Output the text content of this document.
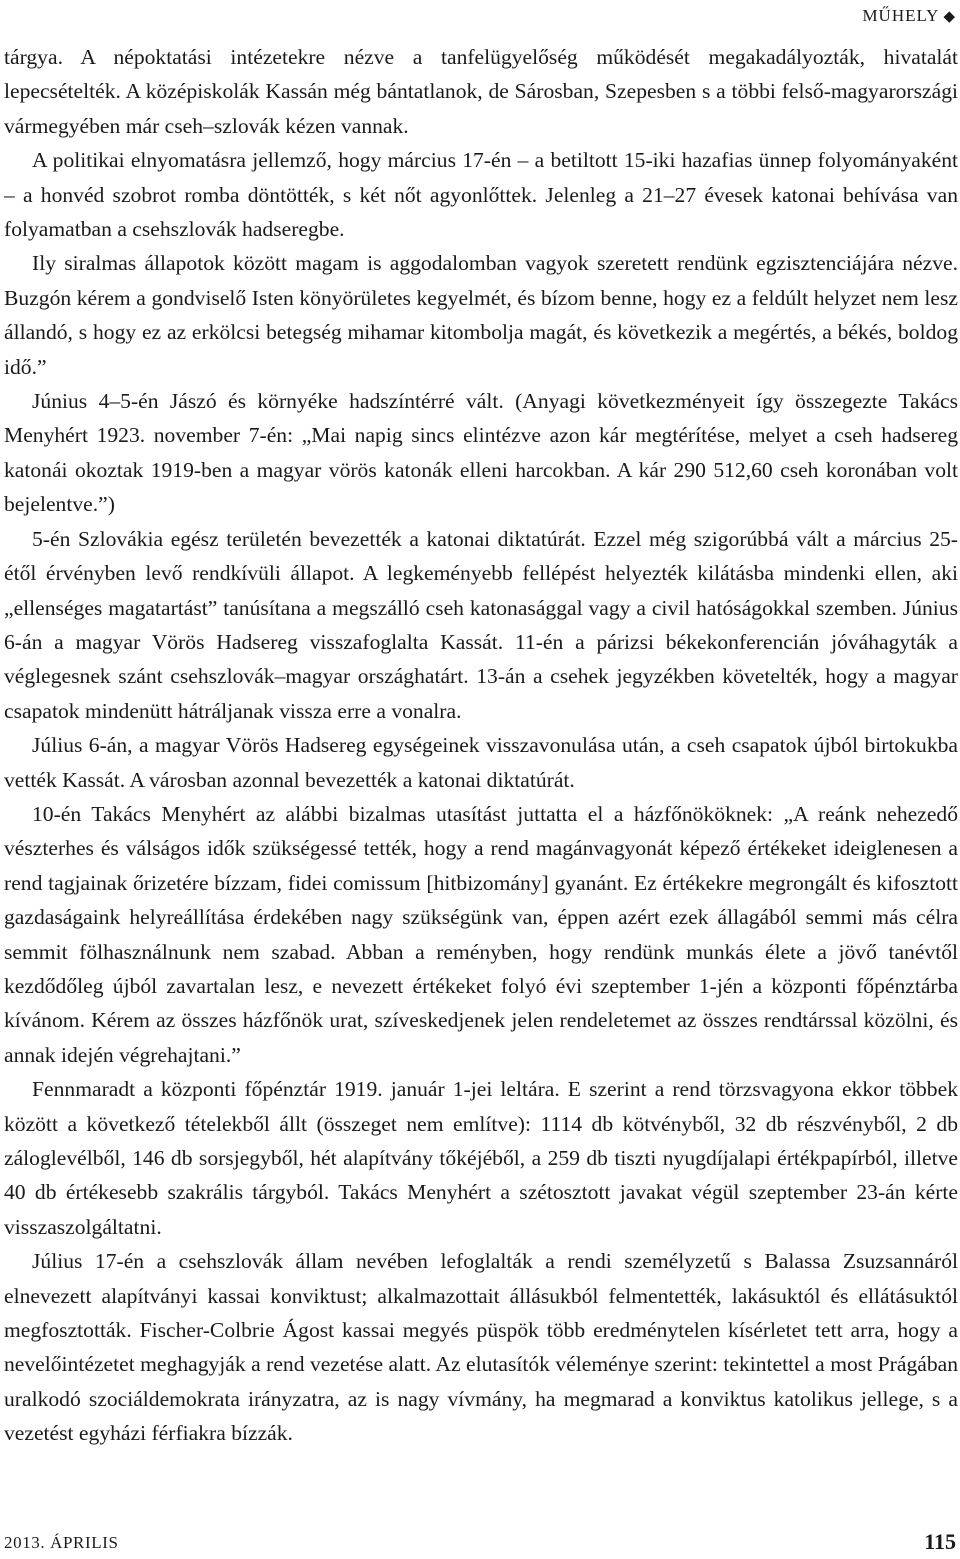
MŰHELY ◆

tárgya. A népoktatási intézetekre nézve a tanfelügyelőség működését megakadályozták, hivatalát lepecsételték. A középiskolák Kassán még bántatlanok, de Sárosban, Szepesben s a többi felső-magyarországi vármegyében már cseh–szlovák kézen vannak.

A politikai elnyomatásra jellemző, hogy március 17-én – a betiltott 15-iki hazafias ünnep folyományaként – a honvéd szobrot romba döntötték, s két nőt agyonlőttek. Jelenleg a 21–27 évesek katonai behívása van folyamatban a csehszlovák hadseregbe.

Ily siralmas állapotok között magam is aggodalomban vagyok szeretett rendünk egzisztenciájára nézve. Buzgón kérem a gondviselő Isten könyörületes kegyelmét, és bízom benne, hogy ez a feldúlt helyzet nem lesz állandó, s hogy ez az erkölcsi betegség mihamar kitombolja magát, és következik a megértés, a békés, boldog idő.”

Június 4–5-én Jászó és környéke hadszíntérré vált. (Anyagi következményeit így összegezte Takács Menyhért 1923. november 7-én: „Mai napig sincs elintézve azon kár megtérítése, melyet a cseh hadsereg katonái okoztak 1919-ben a magyar vörös katonák elleni harcokban. A kár 290 512,60 cseh koronában volt bejelentve.”)

5-én Szlovákia egész területén bevezették a katonai diktatúrát. Ezzel még szigorúbbá vált a március 25-étől érvényben levő rendkívüli állapot. A legkeményebb fellépést helyezték kilátásba mindenki ellen, aki „ellenséges magatartást” tanúsítana a megszálló cseh katonasággal vagy a civil hatóságokkal szemben. Június 6-án a magyar Vörös Hadsereg visszafoglalta Kassát. 11-én a párizsi békekonferencián jóváhagyták a véglegesnek szánt csehszlovák–magyar országhatárt. 13-án a csehek jegyzékben követelték, hogy a magyar csapatok mindenütt hátráljanak vissza erre a vonalra.

Július 6-án, a magyar Vörös Hadsereg egységeinek visszavonulása után, a cseh csapatok újból birtokukba vették Kassát. A városban azonnal bevezették a katonai diktatúrát.

10-én Takács Menyhért az alábbi bizalmas utasítást juttatta el a házfőnököknek: „A reánk nehezedő vészterhes és válságos idők szükségessé tették, hogy a rend magánvagyonát képező értékeket ideiglenesen a rend tagjainak őrizetére bízzam, fidei comissum [hitbizomány] gyanánt. Ez értékekre megrongált és kifosztott gazdaságaink helyreállítása érdekében nagy szükségünk van, éppen azért ezek állagából semmi más célra semmit fölhasználnunk nem szabad. Abban a reményben, hogy rendünk munkás élete a jövő tanévtől kezdődőleg újból zavartalan lesz, e nevezett értékeket folyó évi szeptember 1-jén a központi főpénztárba kívánom. Kérem az összes házfőnök urat, szíveskedjenek jelen rendeletemet az összes rendtárssal közölni, és annak idején végrehajtani.”

Fennmaradt a központi főpénztár 1919. január 1-jei leltára. E szerint a rend törzsvagyona ekkor többek között a következő tételekből állt (összeget nem említve): 1114 db kötvényből, 32 db részvényből, 2 db záloglevélből, 146 db sorsjegyből, hét alapítvány tőkéjéből, a 259 db tiszti nyugdíjalapi értékpapírból, illetve 40 db értékesebb szakrális tárgyból. Takács Menyhért a szétosztott javakat végül szeptember 23-án kérte visszaszolgáltatni.

Július 17-én a csehszlovák állam nevében lefoglalták a rendi személyzetű s Balassa Zsuzsannáról elnevezett alapítványi kassai konviktust; alkalmazottait állásukból felmentették, lakásuktól és ellátásuktól megfosztották. Fischer-Colbrie Ágost kassai megyés püspök több eredménytelen kísérletet tett arra, hogy a nevelőintézetet meghagyják a rend vezetése alatt. Az elutasítók véleménye szerint: tekintettel a most Prágában uralkodó szociáldemokrata irányzatra, az is nagy vívmány, ha megmarad a konviktus katolikus jellege, s a vezetést egyházi férfiakra bízzák.

2013. ÁPRILIS	115
